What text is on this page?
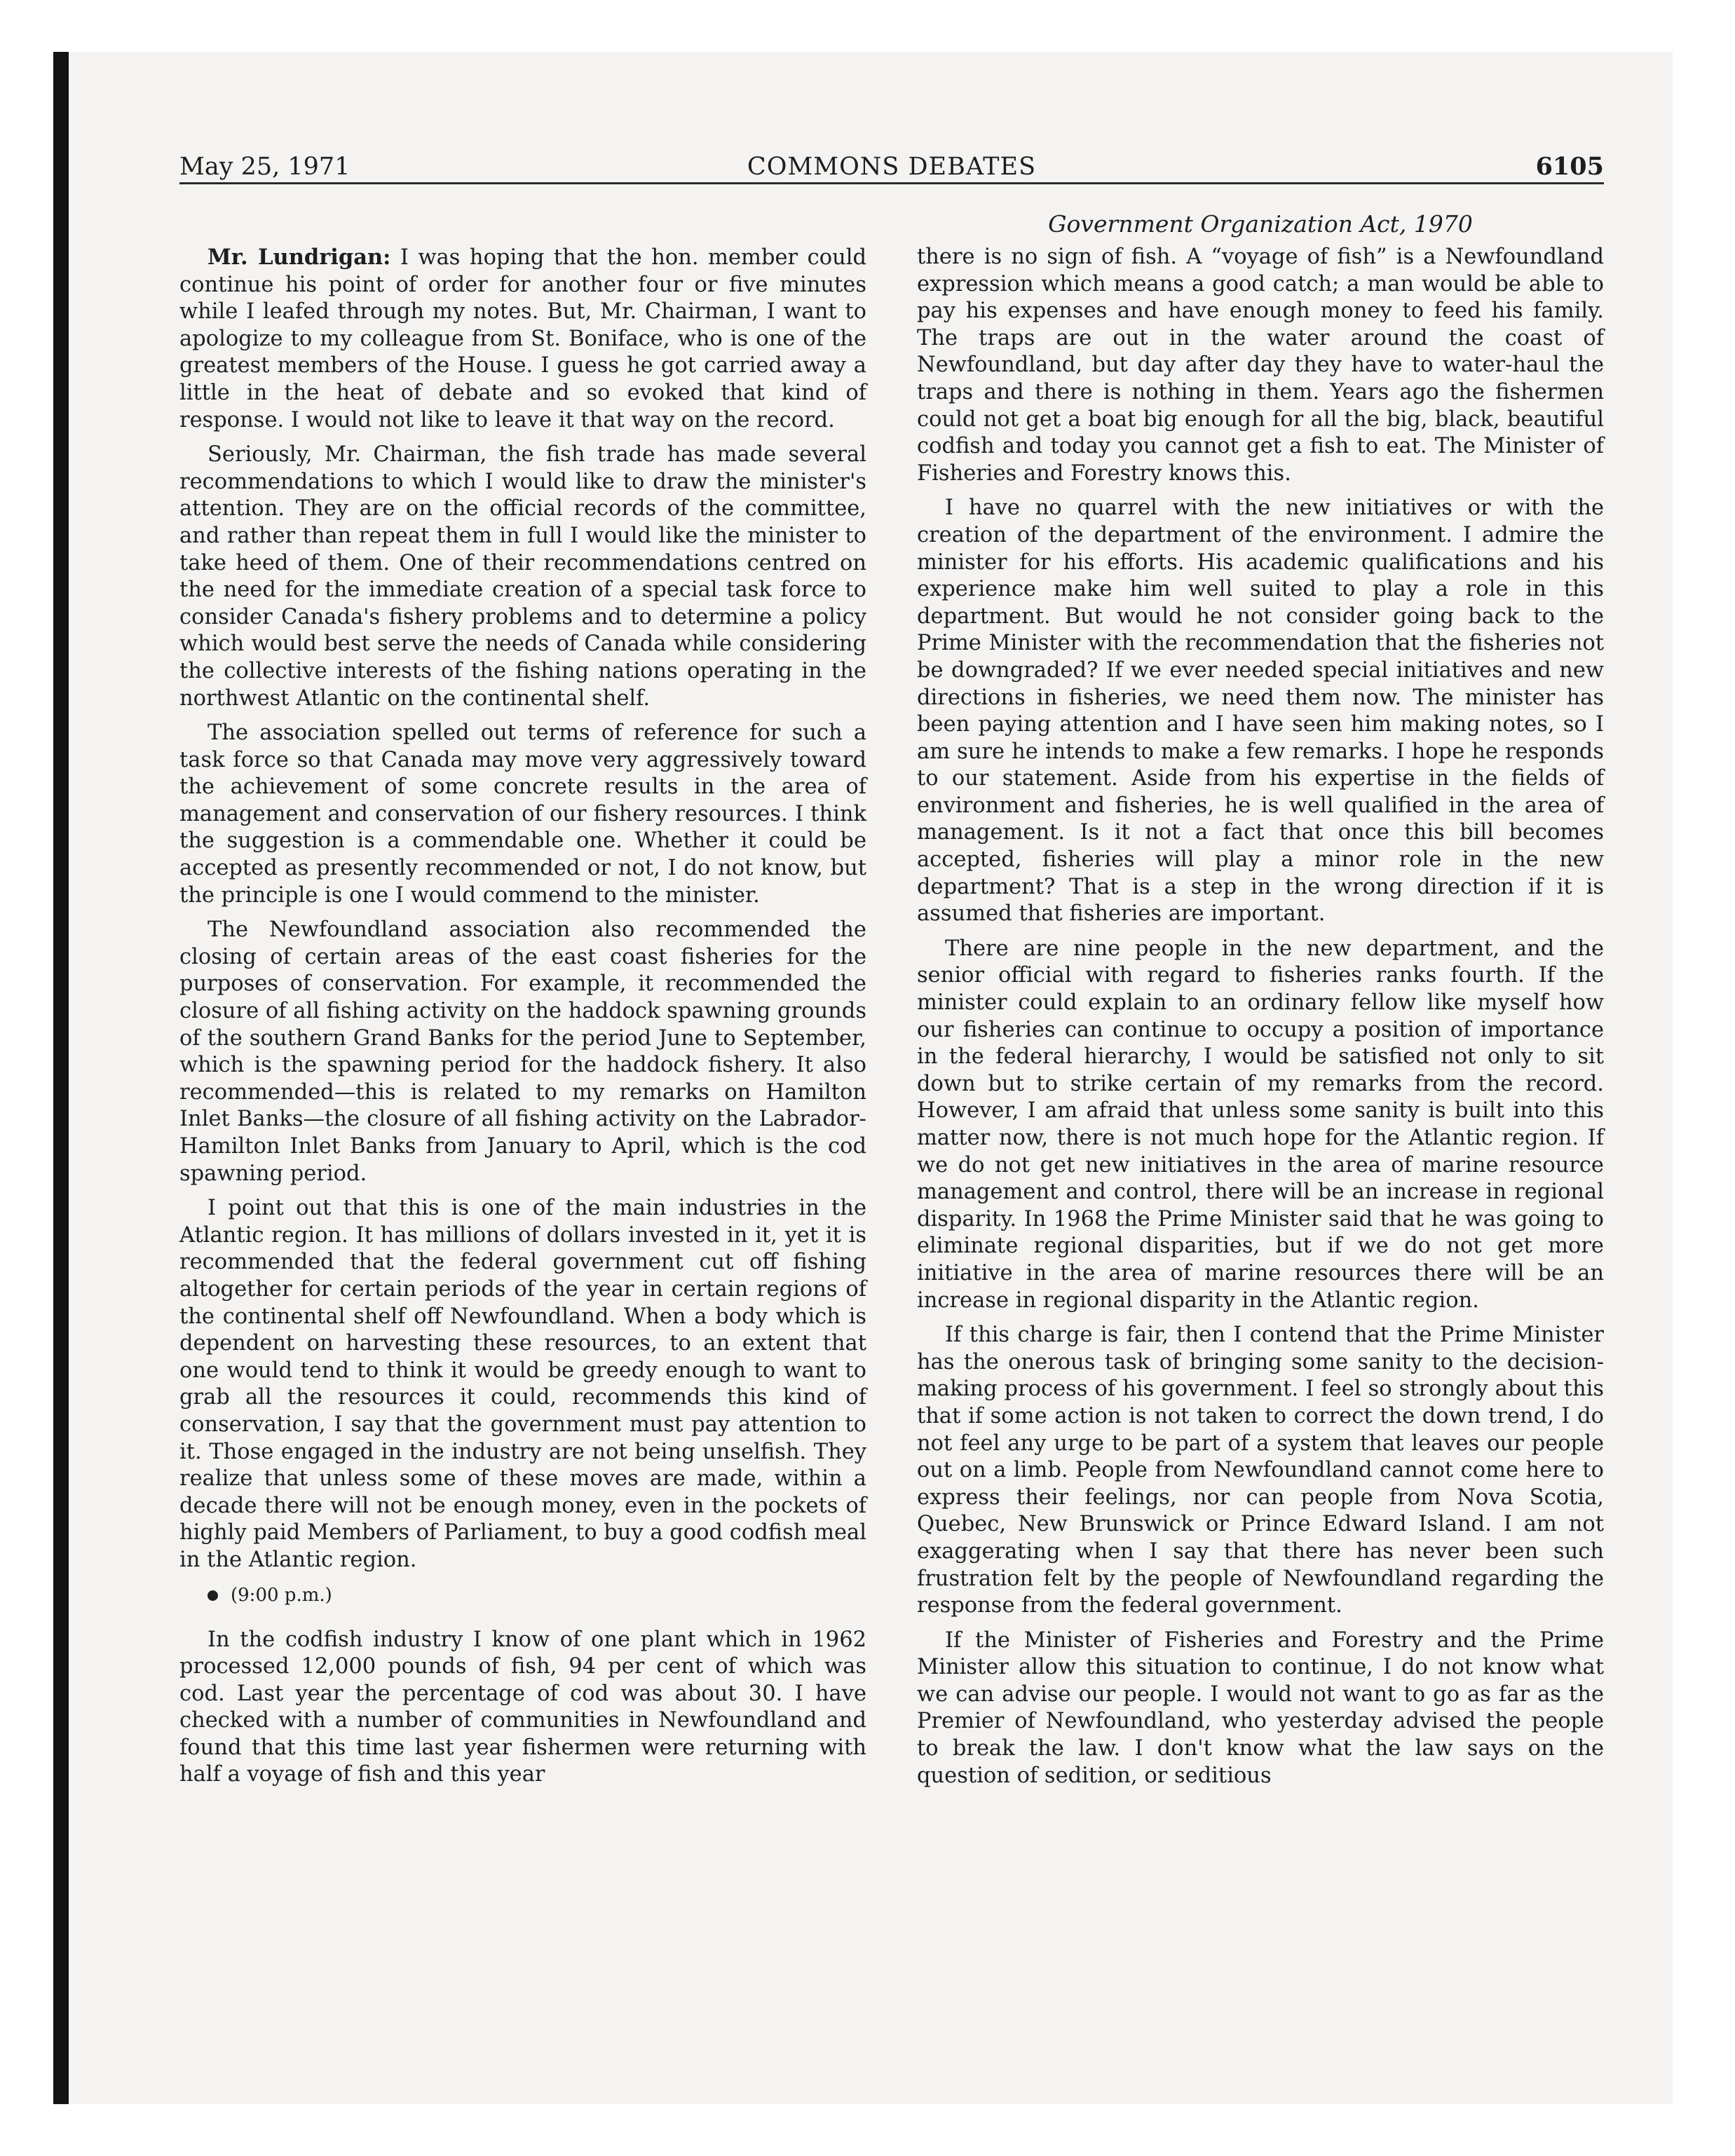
May 25, 1971	COMMONS DEBATES	6105
Government Organization Act, 1970

Mr. Lundrigan: I was hoping that the hon. member could continue his point of order for another four or five minutes while I leafed through my notes. But, Mr. Chairman, I want to apologize to my colleague from St. Boniface, who is one of the greatest members of the House. I guess he got carried away a little in the heat of debate and so evoked that kind of response. I would not like to leave it that way on the record.

Seriously, Mr. Chairman, the fish trade has made several recommendations to which I would like to draw the minister's attention. They are on the official records of the committee, and rather than repeat them in full I would like the minister to take heed of them. One of their recommendations centred on the need for the immediate creation of a special task force to consider Canada's fishery problems and to determine a policy which would best serve the needs of Canada while considering the collective interests of the fishing nations operating in the northwest Atlantic on the continental shelf.

The association spelled out terms of reference for such a task force so that Canada may move very aggressively toward the achievement of some concrete results in the area of management and conservation of our fishery resources. I think the suggestion is a commendable one. Whether it could be accepted as presently recommended or not, I do not know, but the principle is one I would commend to the minister.

The Newfoundland association also recommended the closing of certain areas of the east coast fisheries for the purposes of conservation. For example, it recommended the closure of all fishing activity on the haddock spawning grounds of the southern Grand Banks for the period June to September, which is the spawning period for the haddock fishery. It also recommended—this is related to my remarks on Hamilton Inlet Banks—the closure of all fishing activity on the Labrador-Hamilton Inlet Banks from January to April, which is the cod spawning period.

I point out that this is one of the main industries in the Atlantic region. It has millions of dollars invested in it, yet it is recommended that the federal government cut off fishing altogether for certain periods of the year in certain regions of the continental shelf off Newfoundland. When a body which is dependent on harvesting these resources, to an extent that one would tend to think it would be greedy enough to want to grab all the resources it could, recommends this kind of conservation, I say that the government must pay attention to it. Those engaged in the industry are not being unselfish. They realize that unless some of these moves are made, within a decade there will not be enough money, even in the pockets of highly paid Members of Parliament, to buy a good codfish meal in the Atlantic region.

(9:00 p.m.)

In the codfish industry I know of one plant which in 1962 processed 12,000 pounds of fish, 94 per cent of which was cod. Last year the percentage of cod was about 30. I have checked with a number of communities in Newfoundland and found that this time last year fishermen were returning with half a voyage of fish and this year

there is no sign of fish. A “voyage of fish” is a Newfoundland expression which means a good catch; a man would be able to pay his expenses and have enough money to feed his family. The traps are out in the water around the coast of Newfoundland, but day after day they have to water-haul the traps and there is nothing in them. Years ago the fishermen could not get a boat big enough for all the big, black, beautiful codfish and today you cannot get a fish to eat. The Minister of Fisheries and Forestry knows this.

I have no quarrel with the new initiatives or with the creation of the department of the environment. I admire the minister for his efforts. His academic qualifications and his experience make him well suited to play a role in this department. But would he not consider going back to the Prime Minister with the recommendation that the fisheries not be downgraded? If we ever needed special initiatives and new directions in fisheries, we need them now. The minister has been paying attention and I have seen him making notes, so I am sure he intends to make a few remarks. I hope he responds to our statement. Aside from his expertise in the fields of environment and fisheries, he is well qualified in the area of management. Is it not a fact that once this bill becomes accepted, fisheries will play a minor role in the new department? That is a step in the wrong direction if it is assumed that fisheries are important.

There are nine people in the new department, and the senior official with regard to fisheries ranks fourth. If the minister could explain to an ordinary fellow like myself how our fisheries can continue to occupy a position of importance in the federal hierarchy, I would be satisfied not only to sit down but to strike certain of my remarks from the record. However, I am afraid that unless some sanity is built into this matter now, there is not much hope for the Atlantic region. If we do not get new initiatives in the area of marine resource management and control, there will be an increase in regional disparity. In 1968 the Prime Minister said that he was going to eliminate regional disparities, but if we do not get more initiative in the area of marine resources there will be an increase in regional disparity in the Atlantic region.

If this charge is fair, then I contend that the Prime Minister has the onerous task of bringing some sanity to the decision-making process of his government. I feel so strongly about this that if some action is not taken to correct the down trend, I do not feel any urge to be part of a system that leaves our people out on a limb. People from Newfoundland cannot come here to express their feelings, nor can people from Nova Scotia, Quebec, New Brunswick or Prince Edward Island. I am not exaggerating when I say that there has never been such frustration felt by the people of Newfoundland regarding the response from the federal government.

If the Minister of Fisheries and Forestry and the Prime Minister allow this situation to continue, I do not know what we can advise our people. I would not want to go as far as the Premier of Newfoundland, who yesterday advised the people to break the law. I don't know what the law says on the question of sedition, or seditious
